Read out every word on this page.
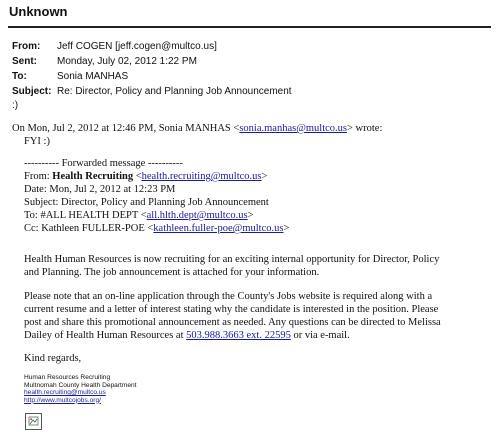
Unknown
From: Jeff COGEN [jeff.cogen@multco.us]
Sent: Monday, July 02, 2012 1:22 PM
To:	Sonia MANHAS
Subject: Re: Director, Policy and Planning Job Announcement
:)
On Mon, Jul 2, 2012 at 12:46 PM, Sonia MANHAS <sonia.manhas@multco.us> wrote:
FYI :)
---------- Forwarded message ----------
From: Health Recruiting <health.recruiting@multco.us>
Date: Mon, Jul 2, 2012 at 12:23 PM
Subject: Director, Policy and Planning Job Announcement
To: #ALL HEALTH DEPT <all.hlth.dept@multco.us>
Cc: Kathleen FULLER-POE <kathleen.fuller-poe@multco.us>
Health Human Resources is now recruiting for an exciting internal opportunity for Director, Policy
and Planning. The job announcement is attached for your information.
Please note that an on-line application through the County's Jobs website is required along with a
current resume and a letter of interest stating why the candidate is interested in the position. Please
post and share this promotional announcement as needed. Any questions can be directed to Melissa
Dailey of Health Human Resources at 503.988.3663 ext. 22595 or via e-mail.
Kind regards,
Human Resources Recruiting
Multnomah County Health Department
health.recruiting@multco.us
http://www.multcojobs.org/
